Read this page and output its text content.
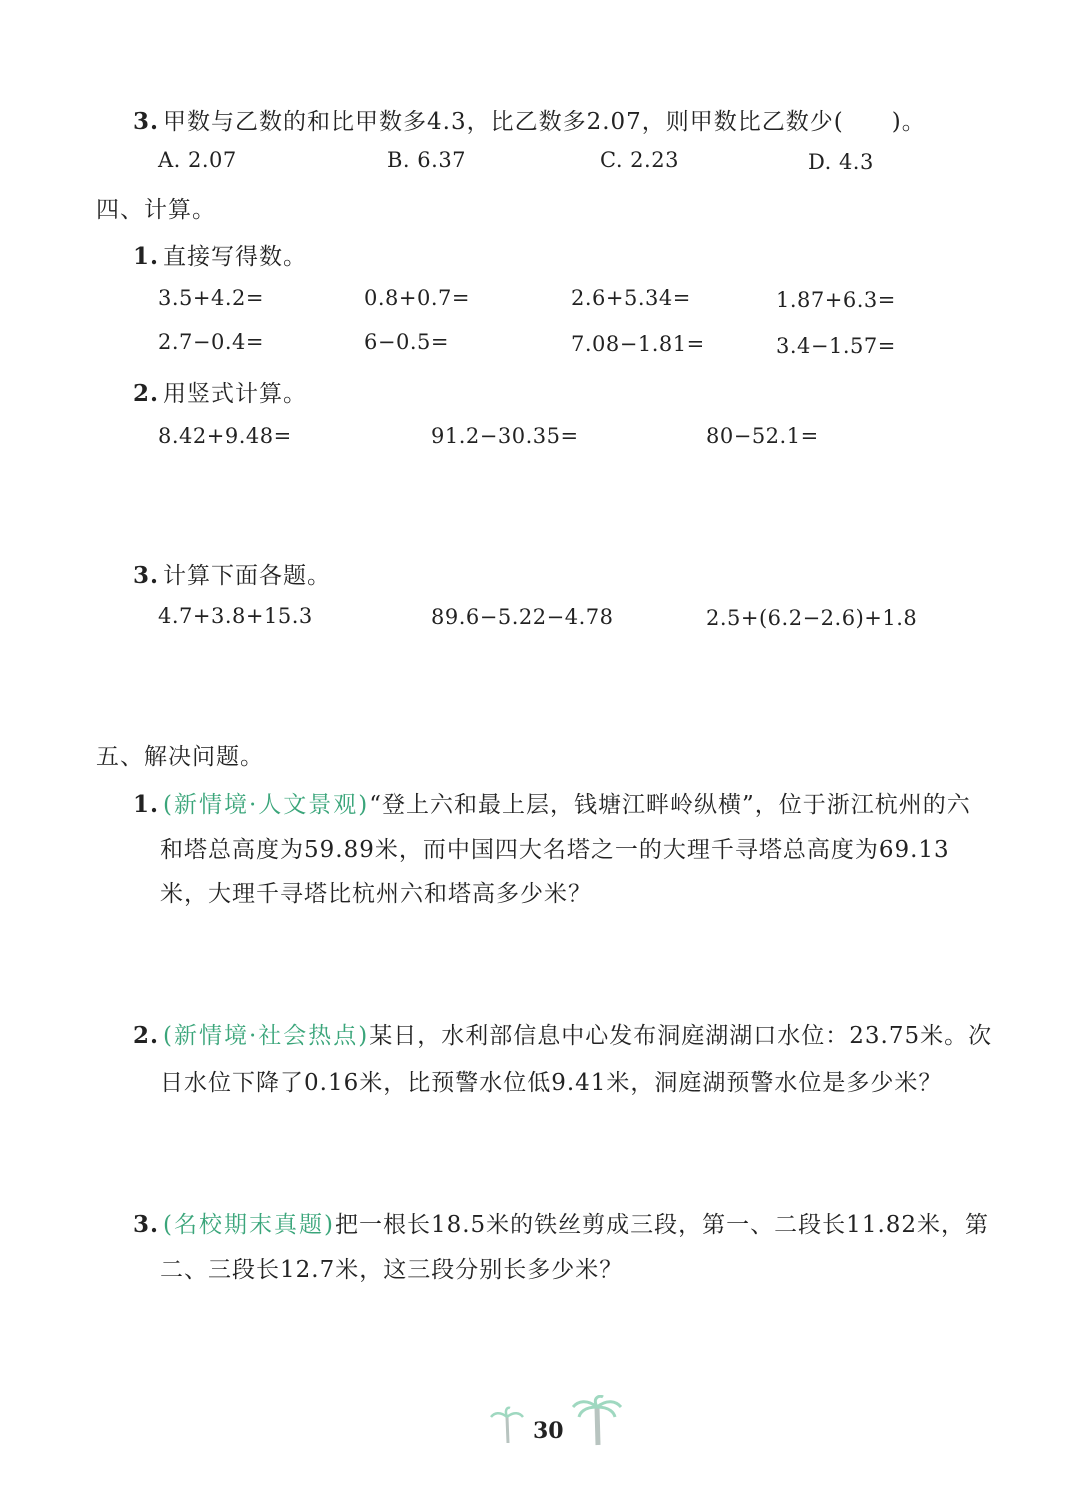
3. 甲数与乙数的和比甲数多4.3，比乙数多2.07，则甲数比乙数少(　　)。
A. 2.07	B. 6.37	C. 2.23	D. 4.3
四、计算。
1. 直接写得数。
3.5+4.2=	0.8+0.7=	2.6+5.34=	1.87+6.3=
2.7−0.4=	6−0.5=	7.08−1.81=	3.4−1.57=
2. 用竖式计算。
8.42+9.48=	91.2−30.35=	80−52.1=
3. 计算下面各题。
4.7+3.8+15.3	89.6−5.22−4.78	2.5+(6.2−2.6)+1.8
五、解决问题。
1. (新情境·人文景观)“登上六和最上层，钱塘江畔岭纵横”，位于浙江杭州的六
和塔总高度为59.89米，而中国四大名塔之一的大理千寻塔总高度为69.13
米，大理千寻塔比杭州六和塔高多少米？
2. (新情境·社会热点)某日，水利部信息中心发布洞庭湖湖口水位：23.75米。次
日水位下降了0.16米，比预警水位低9.41米，洞庭湖预警水位是多少米？
3. (名校期末真题)把一根长18.5米的铁丝剪成三段，第一、二段长11.82米，第
二、三段长12.7米，这三段分别长多少米？
30
